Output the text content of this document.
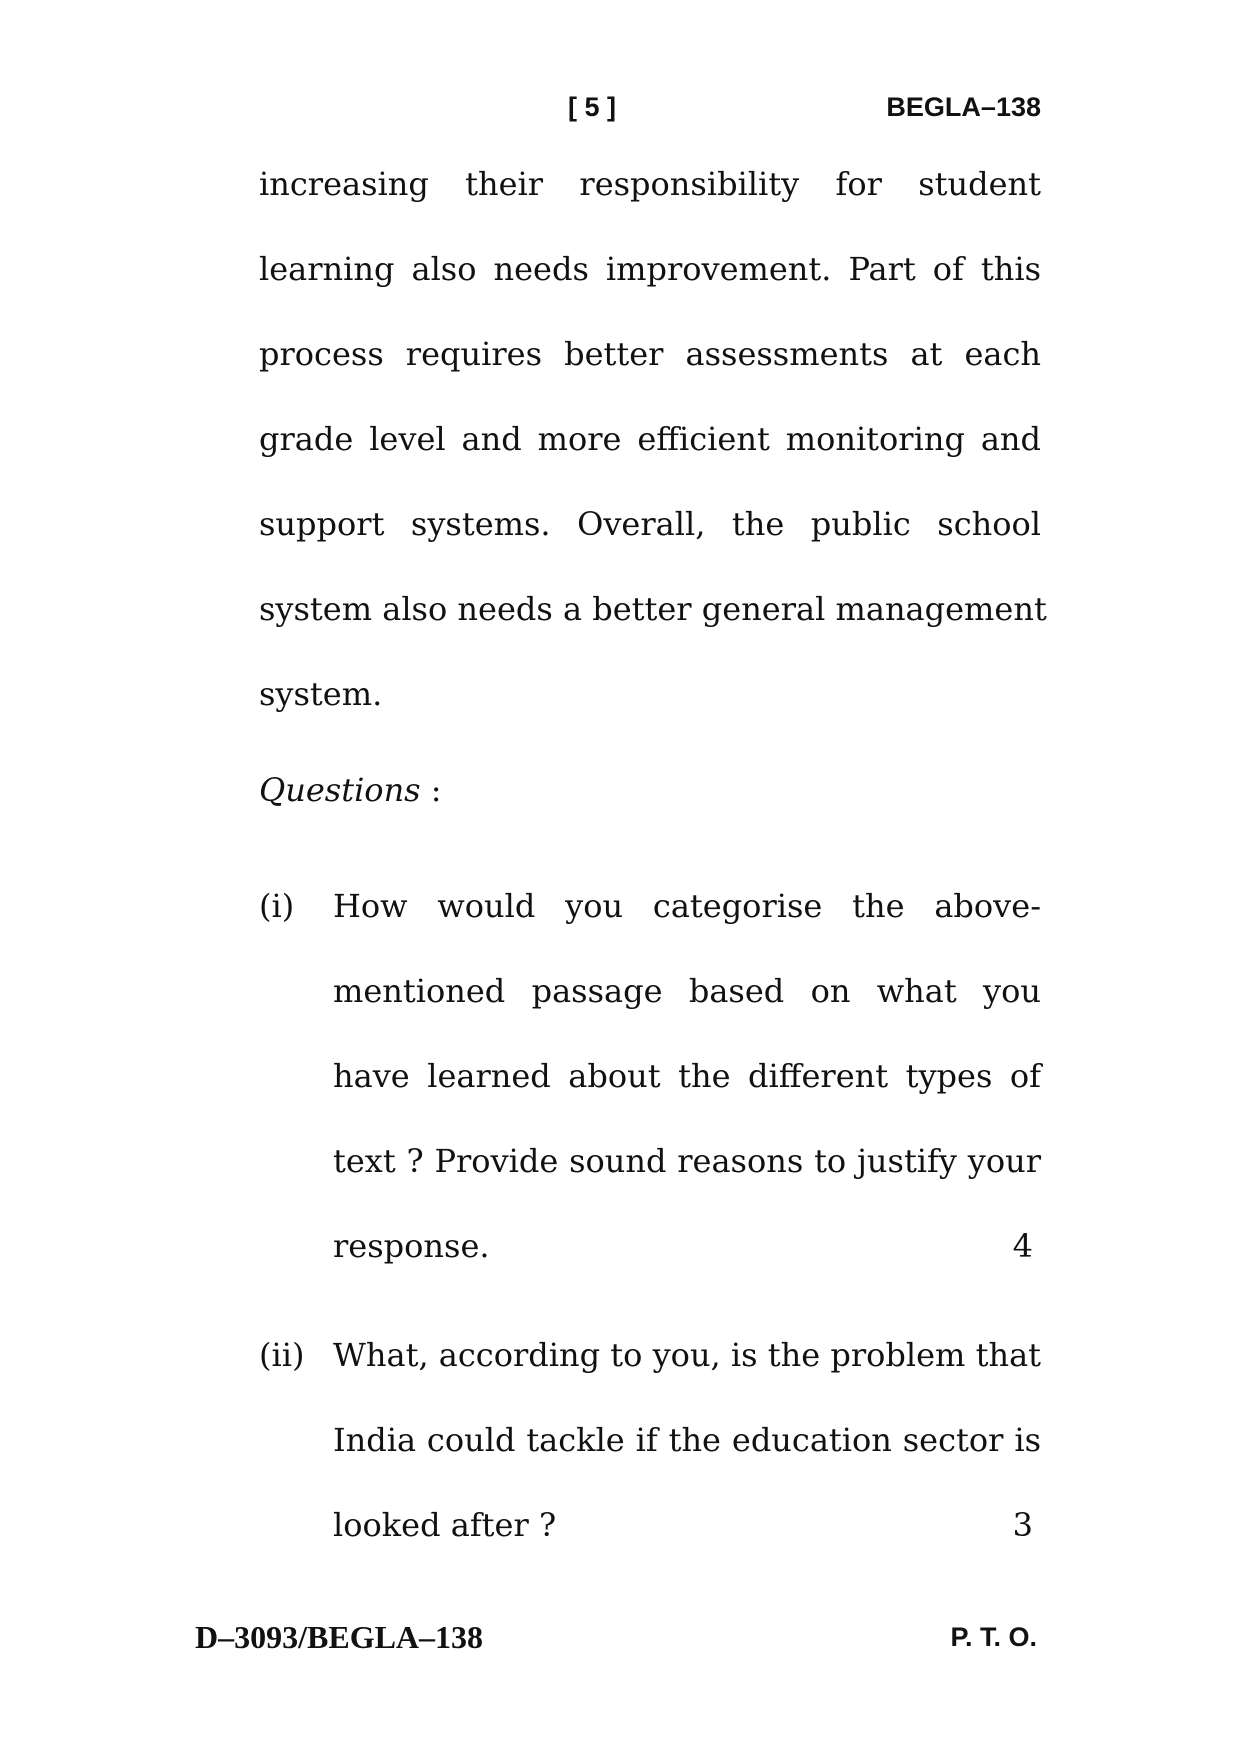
[ 5 ]	BEGLA–138
increasing their responsibility for student
learning also needs improvement. Part of this
process requires better assessments at each
grade level and more efficient monitoring and
support systems. Overall, the public school
system also needs a better general management
system.
Questions :
(i) How would you categorise the above-
mentioned passage based on what you
have learned about the different types of
text ? Provide sound reasons to justify your
response.	4
(ii) What, according to you, is the problem that
India could tackle if the education sector is
looked after ?	3
D–3093/BEGLA–138	P. T. O.
